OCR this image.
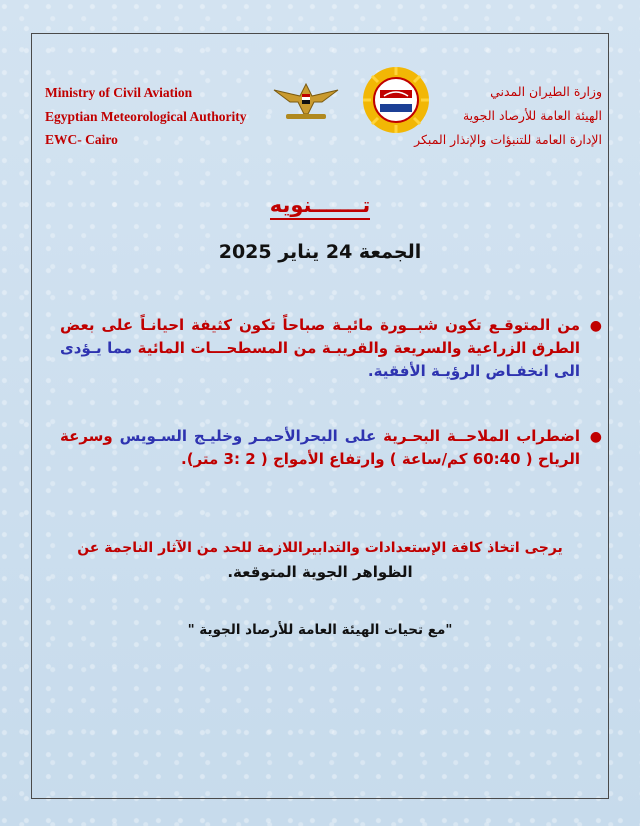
Ministry of Civil Aviation
Egyptian Meteorological Authority
EWC- Cairo
وزارة الطيران المدني
الهيئة العامة للأرصاد الجوية
الإدارة العامة للتنبؤات والإنذار المبكر
تـــــــنويه
الجمعة 24 يناير 2025
●
من المتوقـع تكون شبــورة مائيـة صباحاً تكون كثيفة احيانـاً على بعض الطرق الزراعية والسريعة والقريبـة من المسطحـــات المائية مما يـؤدى الى انخفـاض الرؤيـة الأفقية.
●
اضطراب الملاحــة البحـرية على البحرالأحمـر وخليـج السـويس وسرعة الرياح ( 60:40 كم/ساعة ) وارتفاع الأمواج ( 2 :3 متر).
يرجى اتخاذ كافة الإستعدادات والتدابيراللازمة للحد من الآثار الناجمة عن
الظواهر الجوية المتوقعة.
"مع تحيات الهيئة العامة للأرصاد الجوية "
